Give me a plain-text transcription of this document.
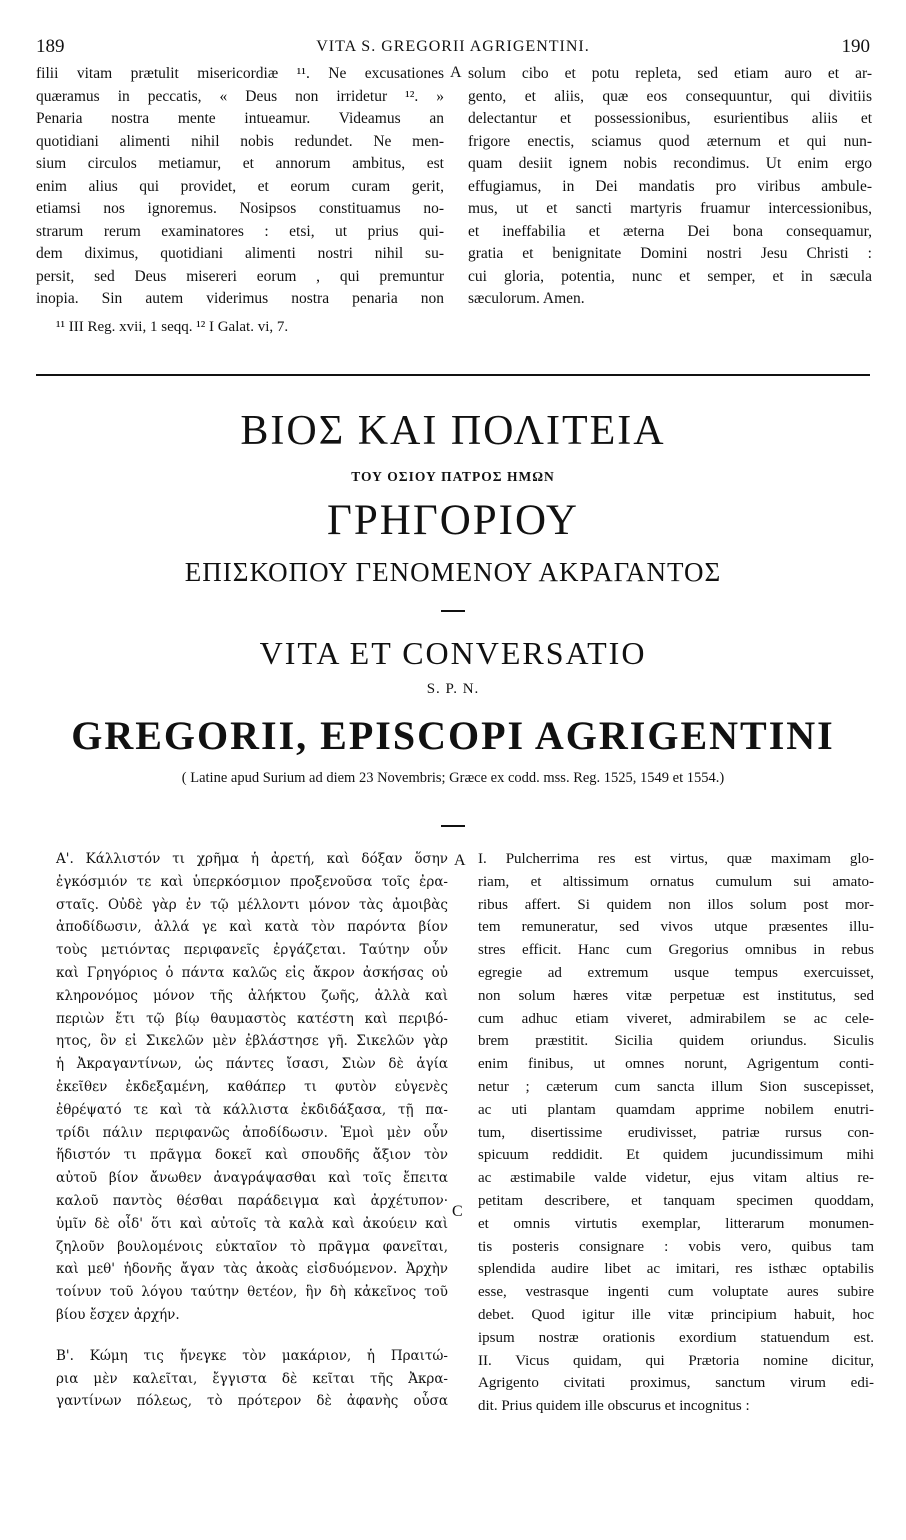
189	VITA S. GREGORII AGRIGENTINI.	190
filii vitam prætulit misericordiæ ¹¹. Ne excusationes
quæramus in peccatis, « Deus non irridetur ¹². »
Penaria nostra mente intueamur. Videamus an
quotidiani alimenti nihil nobis redundet. Ne men-
sium circulos metiamur, et annorum ambitus, est
enim alius qui providet, et eorum curam gerit,
etiamsi nos ignoremus. Nosipsos constituamus no-
strarum rerum examinatores : etsi, ut prius qui-
dem diximus, quotidiani alimenti nostri nihil su-
persit, sed Deus misereri eorum , qui premuntur
inopia. Sin autem viderimus nostra penaria non
¹¹ III Reg. xvii, 1 seqq. ¹² I Galat. vi, 7.
A solum cibo et potu repleta, sed etiam auro et ar-
gento, et aliis, quæ eos consequuntur, qui divitiis
delectantur et possessionibus, esurientibus aliis et
frigore enectis, sciamus quod æternum et qui nun-
quam desiit ignem nobis recondimus. Ut enim ergo
effugiamus, in Dei mandatis pro viribus ambule-
mus, ut et sancti martyris fruamur intercessionibus,
et ineffabilia et æterna Dei bona consequamur,
gratia et benignitate Domini nostri Jesu Christi :
cui gloria, potentia, nunc et semper, et in sæcula
sæculorum. Amen.
ΒΙΟΣ ΚΑΙ ΠΟΛΙΤΕΙΑ
ΤΟΥ ΟΣΙΟΥ ΠΑΤΡΟΣ ΗΜΩΝ
ΓΡΗΓΟΡΙΟΥ
ΕΠΙΣΚΟΠΟΥ ΓΕΝΟΜΕΝΟΥ ΑΚΡΑΓΑΝΤΟΣ
VITA ET CONVERSATIO
S. P. N.
GREGORII, EPISCOPI AGRIGENTINI
( Latine apud Surium ad diem 23 Novembris; Græce ex codd. mss. Reg. 1525, 1549 et 1554.)
Α'. Κάλλιστόν τι χρῆμα ἡ ἀρετή, καὶ δόξαν ὅσην
ἐγκόσμιόν τε καὶ ὑπερκόσμιον προξενοῦσα τοῖς ἐρα-
σταῖς. Οὐδὲ γὰρ ἐν τῷ μέλλοντι μόνον τὰς ἀμοιβὰς
ἀποδίδωσιν, ἀλλά γε καὶ κατὰ τὸν παρόντα βίον
τοὺς μετιόντας περιφανεῖς ἐργάζεται. Ταύτην οὖν
καὶ Γρηγόριος ὁ πάντα καλῶς εἰς ἄκρον ἀσκήσας οὐ
κληρονόμος μόνον τῆς ἀλήκτου ζωῆς, ἀλλὰ καὶ
περιὼν ἔτι τῷ βίῳ θαυμαστὸς κατέστη καὶ περιβό-
ητος, ὃν εἰ Σικελῶν μὲν ἐβλάστησε γῆ. Σικελῶν γὰρ
ἡ Ἀκραγαντίνων, ὡς πάντες ἴσασι, Σιὼν δὲ ἁγία
ἐκεῖθεν ἐκδεξαμένη, καθάπερ τι φυτὸν εὐγενὲς
ἐθρέψατό τε καὶ τὰ κάλλιστα ἐκδιδάξασα, τῇ πα-
τρίδι πάλιν περιφανῶς ἀποδίδωσιν. Ἐμοὶ μὲν οὖν
ἥδιστόν τι πρᾶγμα δοκεῖ καὶ σπουδῆς ἄξιον τὸν
αὐτοῦ βίον ἄνωθεν ἀναγράψασθαι καὶ τοῖς ἔπειτα
καλοῦ παντὸς θέσθαι παράδειγμα καὶ ἀρχέτυπον·
ὑμῖν δὲ οἶδ' ὅτι καὶ αὐτοῖς τὰ καλὰ καὶ ἀκούειν καὶ
ζηλοῦν βουλομένοις εὐκταῖον τὸ πρᾶγμα φανεῖται,
καὶ μεθ' ἡδονῆς ἄγαν τὰς ἀκοὰς εἰσδυόμενον. Ἀρχὴν
τοίνυν τοῦ λόγου ταύτην θετέον, ἣν δὴ κἀκεῖνος τοῦ
βίου ἔσχεν ἀρχήν.
Β'. Κώμη τις ἤνεγκε τὸν μακάριον, ἡ Πραιτώ-
ρια μὲν καλεῖται, ἔγγιστα δὲ κεῖται τῆς Ἀκρα-
γαντίνων πόλεως, τὸ πρότερον δὲ ἀφανὴς οὖσα
A
C
I. Pulcherrima res est virtus, quæ maximam glo-
riam, et altissimum ornatus cumulum sui amato-
ribus affert. Si quidem non illos solum post mor-
tem remuneratur, sed vivos utque præsentes illu-
stres efficit. Hanc cum Gregorius omnibus in rebus
egregie ad extremum usque tempus exercuisset,
non solum hæres vitæ perpetuæ est institutus, sed
cum adhuc etiam viveret, admirabilem se ac cele-
brem præstitit. Sicilia quidem oriundus. Siculis
enim finibus, ut omnes norunt, Agrigentum conti-
netur ; cæterum cum sancta illum Sion suscepisset,
ac uti plantam quamdam apprime nobilem enutri-
tum, disertissime erudivisset, patriæ rursus con-
spicuum reddidit. Et quidem jucundissimum mihi
ac æstimabile valde videtur, ejus vitam altius re-
petitam describere, et tanquam specimen quoddam,
et omnis virtutis exemplar, litterarum monumen-
tis posteris consignare : vobis vero, quibus tam
splendida audire libet ac imitari, res isthæc optabilis
esse, vestrasque ingenti cum voluptate aures subire
debet. Quod igitur ille vitæ principium habuit, hoc
ipsum nostræ orationis exordium statuendum est.
II. Vicus quidam, qui Prætoria nomine dicitur,
Agrigento civitati proximus, sanctum virum edi-
dit. Prius quidem ille obscurus et incognitus :
